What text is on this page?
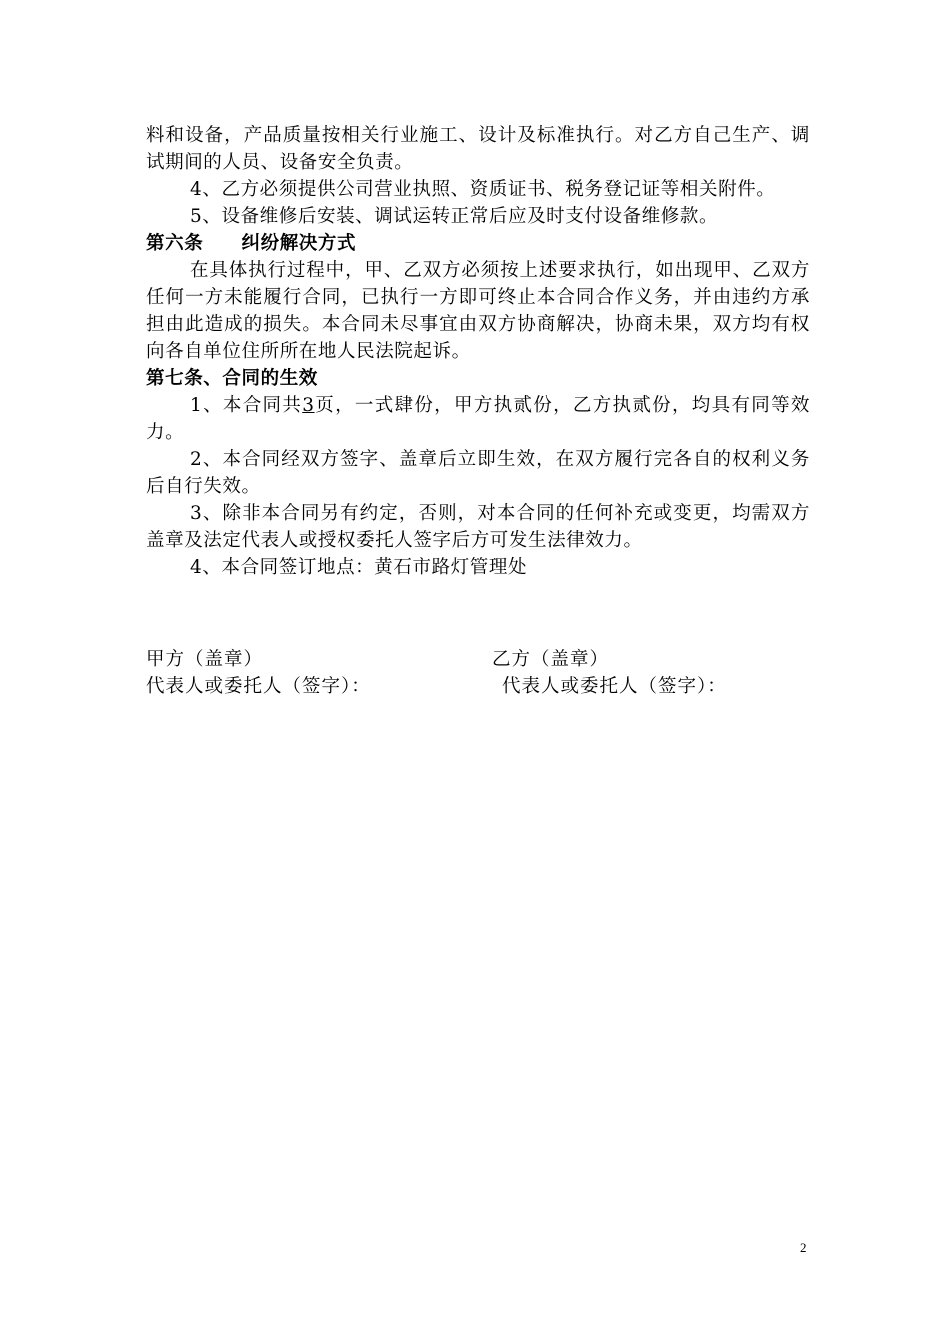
料和设备，产品质量按相关行业施工、设计及标准执行。对乙方自己生产、调试期间的人员、设备安全负责。

4、乙方必须提供公司营业执照、资质证书、税务登记证等相关附件。

5、设备维修后安装、调试运转正常后应及时支付设备维修款。

第六条　　纠纷解决方式

在具体执行过程中，甲、乙双方必须按上述要求执行，如出现甲、乙双方任何一方未能履行合同，已执行一方即可终止本合同合作义务，并由违约方承担由此造成的损失。本合同未尽事宜由双方协商解决，协商未果，双方均有权向各自单位住所所在地人民法院起诉。

第七条、合同的生效

1、本合同共3页，一式肆份，甲方执贰份，乙方执贰份，均具有同等效力。

2、本合同经双方签字、盖章后立即生效，在双方履行完各自的权利义务后自行失效。

3、除非本合同另有约定，否则，对本合同的任何补充或变更，均需双方盖章及法定代表人或授权委托人签字后方可发生法律效力。

4、本合同签订地点：黄石市路灯管理处

甲方（盖章）
代表人或委托人（签字）：
乙方（盖章）
代表人或委托人（签字）：
2
